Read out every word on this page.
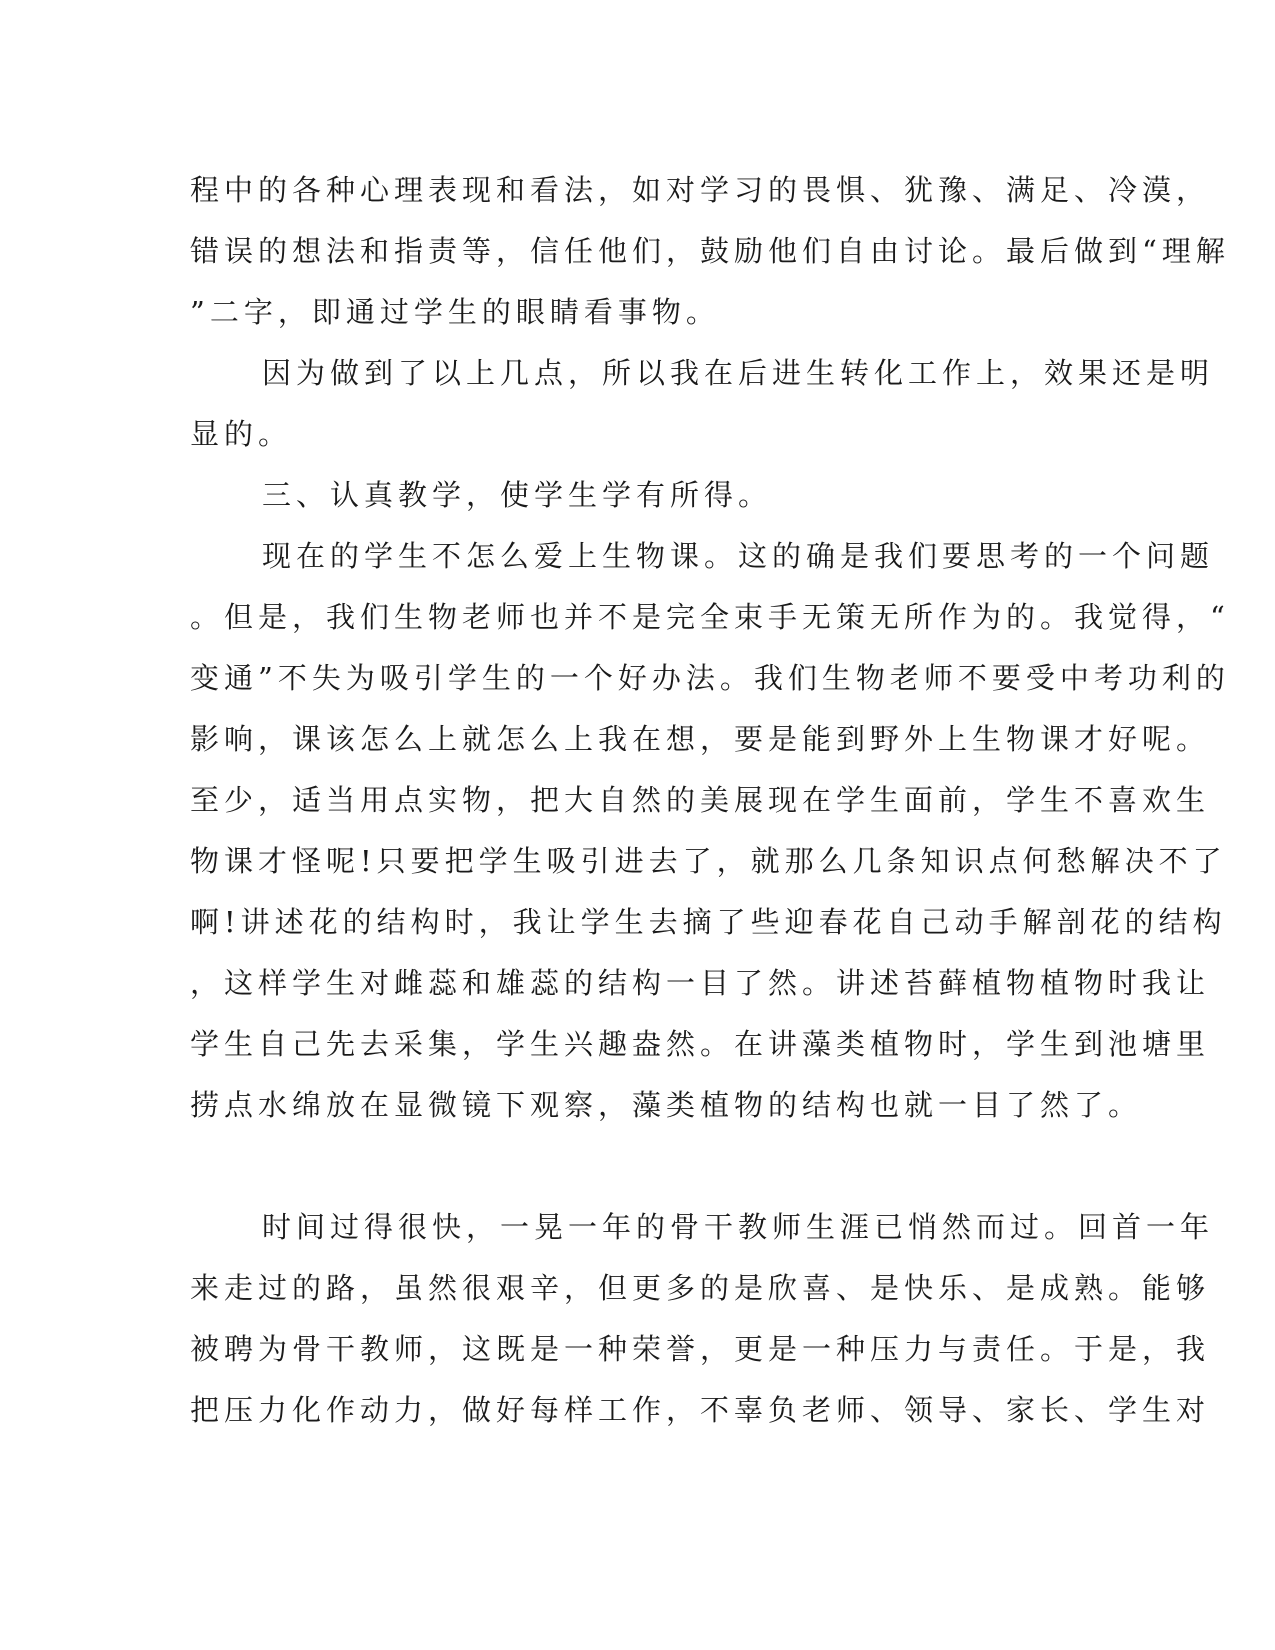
程中的各种心理表现和看法，如对学习的畏惧、犹豫、满足、冷漠，
错误的想法和指责等，信任他们，鼓励他们自由讨论。最后做到“理解
”二字，即通过学生的眼睛看事物。
因为做到了以上几点，所以我在后进生转化工作上，效果还是明
显的。
三、认真教学，使学生学有所得。
现在的学生不怎么爱上生物课。这的确是我们要思考的一个问题
。但是，我们生物老师也并不是完全束手无策无所作为的。我觉得，“
变通”不失为吸引学生的一个好办法。我们生物老师不要受中考功利的
影响，课该怎么上就怎么上我在想，要是能到野外上生物课才好呢。
至少，适当用点实物，把大自然的美展现在学生面前，学生不喜欢生
物课才怪呢!只要把学生吸引进去了，就那么几条知识点何愁解决不了
啊!讲述花的结构时，我让学生去摘了些迎春花自己动手解剖花的结构
，这样学生对雌蕊和雄蕊的结构一目了然。讲述苔藓植物植物时我让
学生自己先去采集，学生兴趣盎然。在讲藻类植物时，学生到池塘里
捞点水绵放在显微镜下观察，藻类植物的结构也就一目了然了。
时间过得很快，一晃一年的骨干教师生涯已悄然而过。回首一年
来走过的路，虽然很艰辛，但更多的是欣喜、是快乐、是成熟。能够
被聘为骨干教师，这既是一种荣誉，更是一种压力与责任。于是，我
把压力化作动力，做好每样工作，不辜负老师、领导、家长、学生对
